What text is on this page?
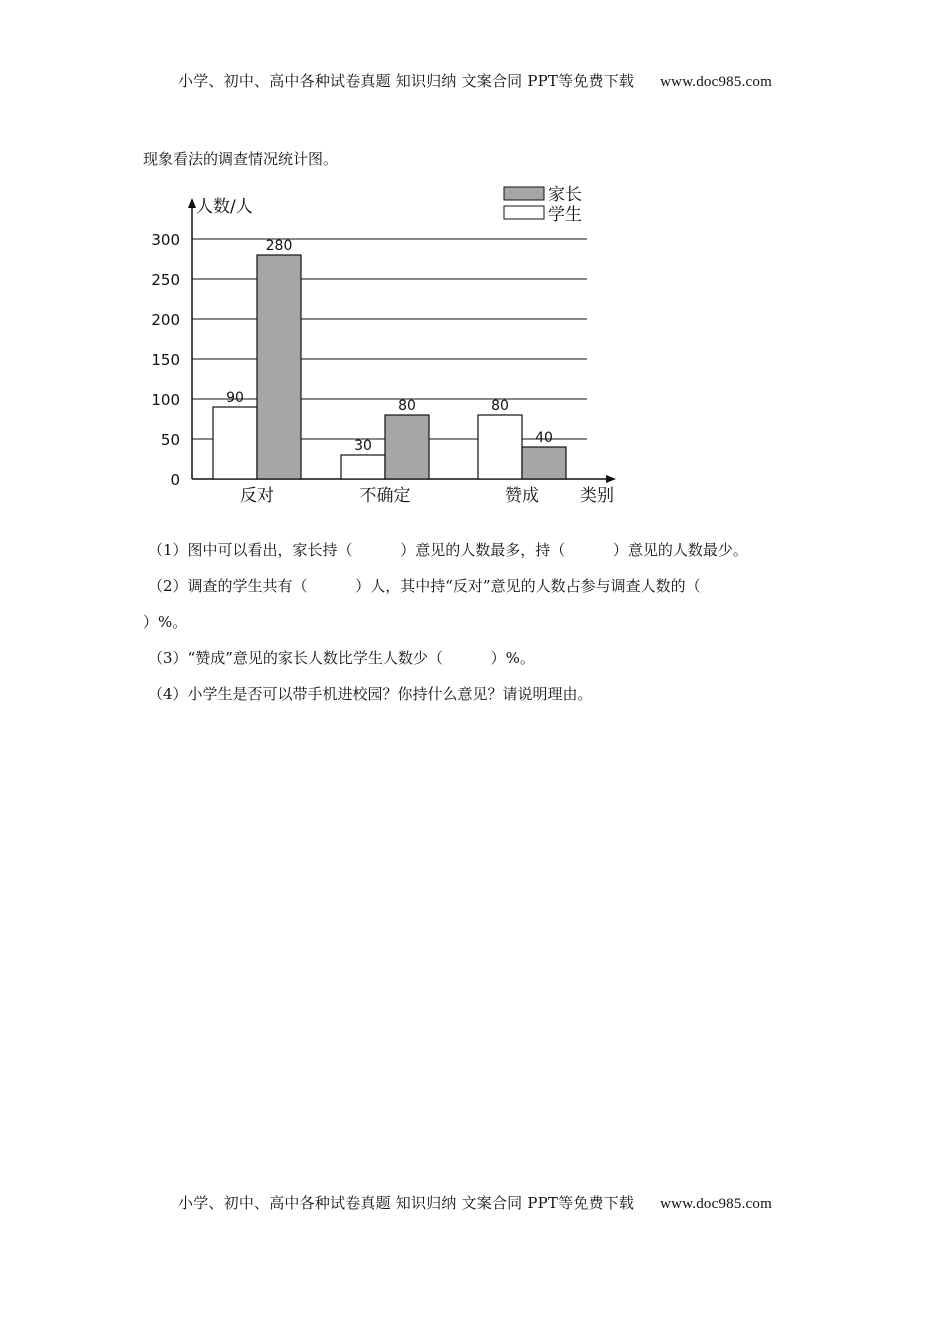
小学、初中、高中各种试卷真题 知识归纳 文案合同 PPT等免费下载 www.doc985.com
现象看法的调查情况统计图。
人数/人
类别
0
50
100
150
200
250
300
90
280
30
80	80
40
反对	不确定	赞成
家长
学生
（1）图中可以看出，家长持（          ）意见的人数最多，持（          ）意见的人数最少。
（2）调查的学生共有（          ）人，其中持“反对”意见的人数占参与调查人数的（
）%。
（3）“赞成”意见的家长人数比学生人数少（          ）%。
（4）小学生是否可以带手机进校园？你持什么意见？请说明理由。
小学、初中、高中各种试卷真题 知识归纳 文案合同 PPT等免费下载 www.doc985.com
